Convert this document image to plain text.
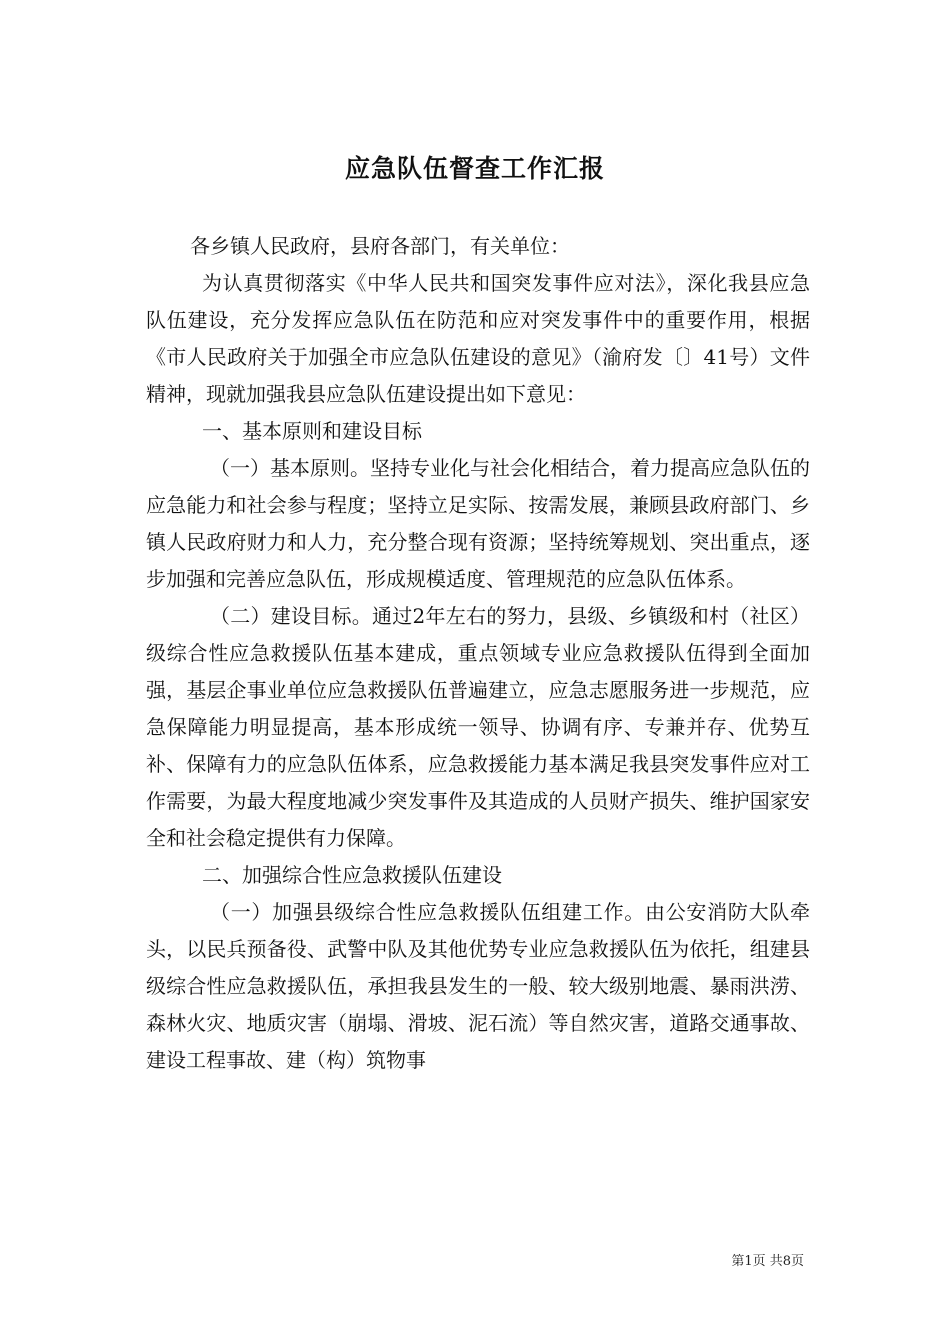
应急队伍督查工作汇报

各乡镇人民政府，县府各部门，有关单位：

为认真贯彻落实《中华人民共和国突发事件应对法》，深化我县应急队伍建设，充分发挥应急队伍在防范和应对突发事件中的重要作用，根据《市人民政府关于加强全市应急队伍建设的意见》（渝府发〔〕41号）文件精神，现就加强我县应急队伍建设提出如下意见：

一、基本原则和建设目标

（一）基本原则。坚持专业化与社会化相结合，着力提高应急队伍的应急能力和社会参与程度；坚持立足实际、按需发展，兼顾县政府部门、乡镇人民政府财力和人力，充分整合现有资源；坚持统筹规划、突出重点，逐步加强和完善应急队伍，形成规模适度、管理规范的应急队伍体系。

（二）建设目标。通过2年左右的努力，县级、乡镇级和村（社区）级综合性应急救援队伍基本建成，重点领域专业应急救援队伍得到全面加强，基层企事业单位应急救援队伍普遍建立，应急志愿服务进一步规范，应急保障能力明显提高，基本形成统一领导、协调有序、专兼并存、优势互补、保障有力的应急队伍体系，应急救援能力基本满足我县突发事件应对工作需要，为最大程度地减少突发事件及其造成的人员财产损失、维护国家安全和社会稳定提供有力保障。

二、加强综合性应急救援队伍建设

（一）加强县级综合性应急救援队伍组建工作。由公安消防大队牵头，以民兵预备役、武警中队及其他优势专业应急救援队伍为依托，组建县级综合性应急救援队伍，承担我县发生的一般、较大级别地震、暴雨洪涝、森林火灾、地质灾害（崩塌、滑坡、泥石流）等自然灾害，道路交通事故、建设工程事故、建（构）筑物事

第1页 共8页
